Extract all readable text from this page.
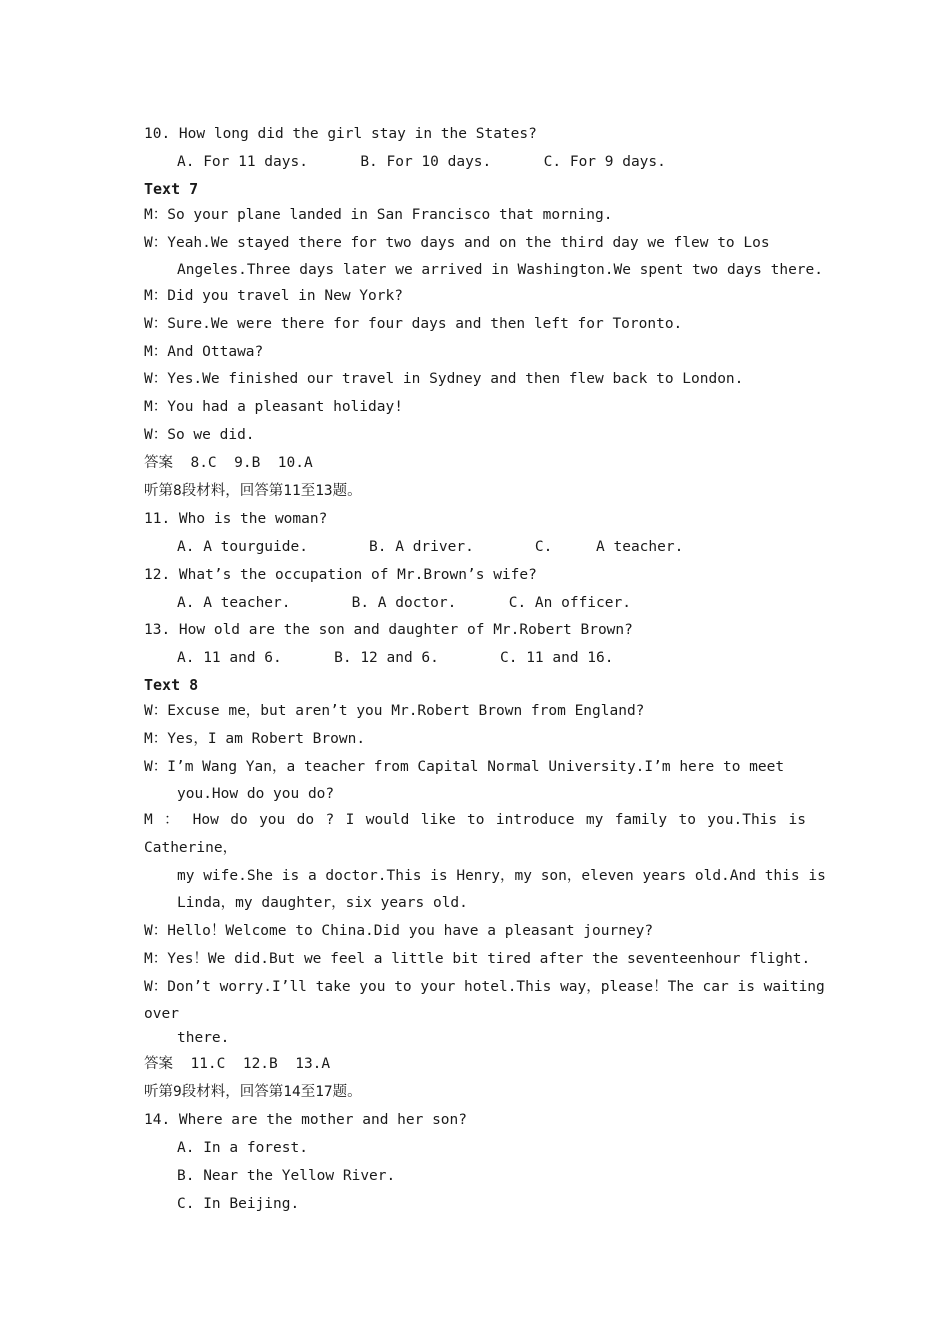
10. How long did the girl stay in the States?
A. For 11 days.      B. For 10 days.      C. For 9 days.
Text 7
M：So your plane landed in San Francisco that morning.
W：Yeah.We stayed there for two days and on the third day we flew to Los
Angeles.Three days later we arrived in Washington.We spent two days there.
M：Did you travel in New York?
W：Sure.We were there for four days and then left for Toronto.
M：And Ottawa?
W：Yes.We finished our travel in Sydney and then flew back to London.
M：You had a pleasant holiday!
W：So we did.
答案  8.C  9.B  10.A
听第8段材料，回答第11至13题。
11. Who is the woman?
A. A tourguide.       B. A driver.       C.     A teacher.
12. What’s the occupation of Mr.Brown’s wife?
A. A teacher.       B. A doctor.      C. An officer.
13. How old are the son and daughter of Mr.Robert Brown?
A. 11 and 6.      B. 12 and 6.       C. 11 and 16.
Text 8
W：Excuse me，but aren’t you Mr.Robert Brown from England?
M：Yes，I am Robert Brown.
W：I’m Wang Yan，a teacher from Capital Normal University.I’m here to meet
you.How do you do?
M ： How do you do ? I would like to introduce my family to you.This is
Catherine，
my wife.She is a doctor.This is Henry，my son，eleven years old.And this is
Linda，my daughter，six years old.
W：Hello！Welcome to China.Did you have a pleasant journey?
M：Yes！We did.But we feel a little bit tired after the seventeenhour flight.
W：Don’t worry.I’ll take you to your hotel.This way，please！The car is waiting
over
there.
答案  11.C  12.B  13.A
听第9段材料，回答第14至17题。
14. Where are the mother and her son?
A. In a forest.
B. Near the Yellow River.
C. In Beijing.
